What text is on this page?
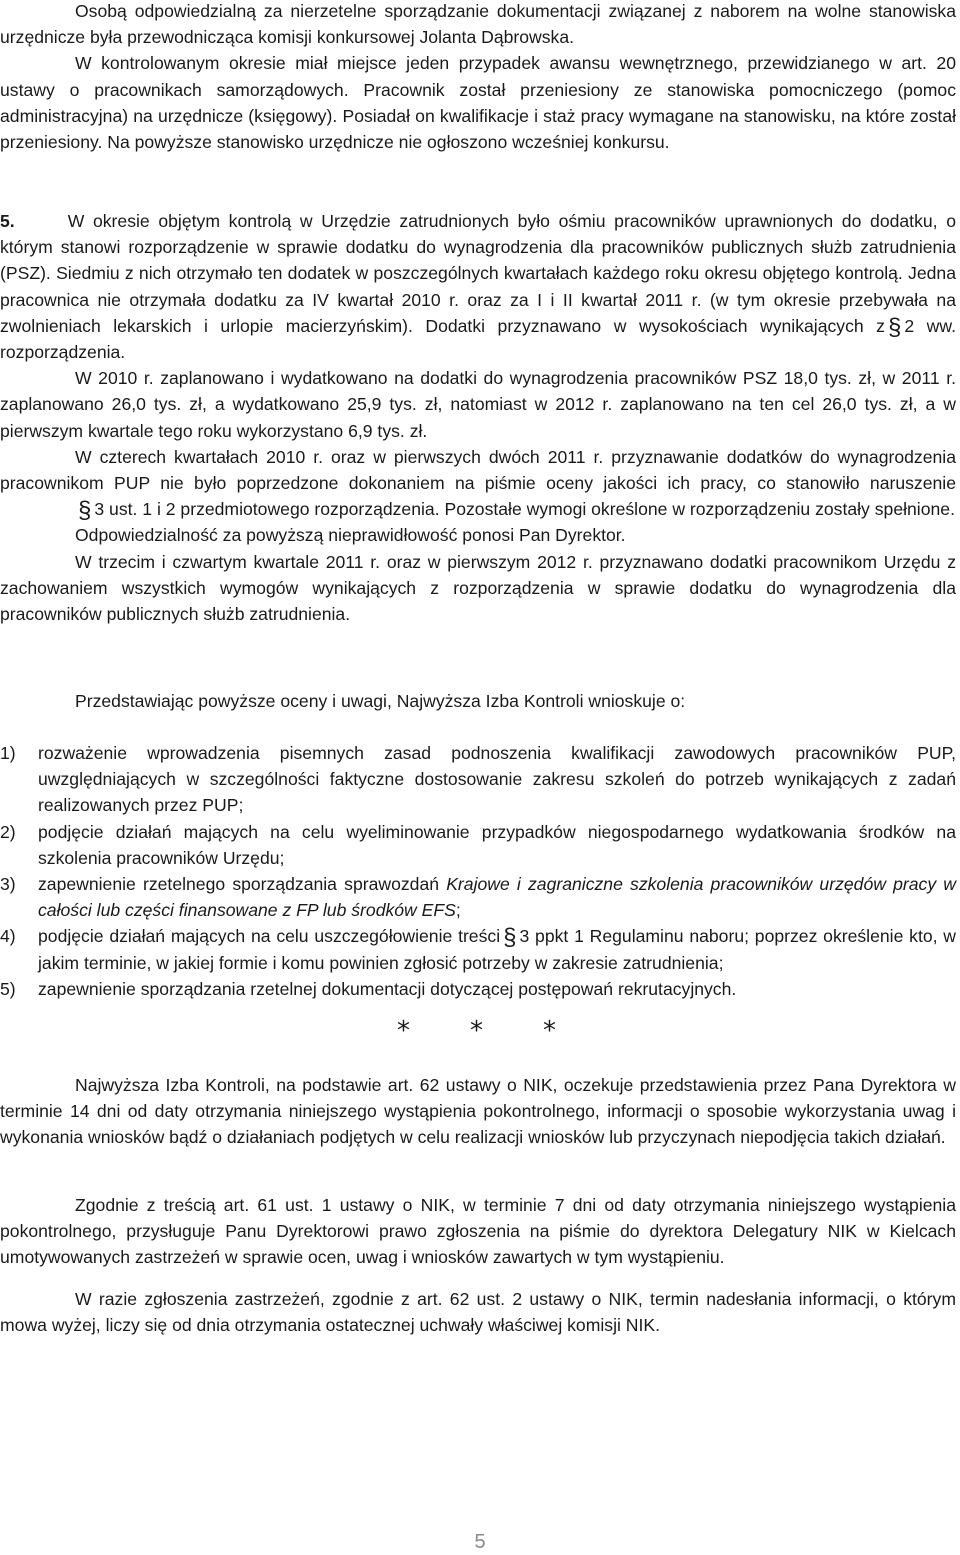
Osobą odpowiedzialną za nierzetelne sporządzanie dokumentacji związanej z naborem na wolne stanowiska urzędnicze była przewodnicząca komisji konkursowej Jolanta Dąbrowska.

W kontrolowanym okresie miał miejsce jeden przypadek awansu wewnętrznego, przewidzianego w art. 20 ustawy o pracownikach samorządowych. Pracownik został przeniesiony ze stanowiska pomocniczego (pomoc administracyjna) na urzędnicze (księgowy). Posiadał on kwalifikacje i staż pracy wymagane na stanowisku, na które został przeniesiony. Na powyższe stanowisko urzędnicze nie ogłoszono wcześniej konkursu.

5.	W okresie objętym kontrolą w Urzędzie zatrudnionych było ośmiu pracowników uprawnionych do dodatku, o którym stanowi rozporządzenie w sprawie dodatku do wynagrodzenia dla pracowników publicznych służb zatrudnienia (PSZ). Siedmiu z nich otrzymało ten dodatek w poszczególnych kwartałach każdego roku okresu objętego kontrolą. Jedna pracownica nie otrzymała dodatku za IV kwartał 2010 r. oraz za I i II kwartał 2011 r. (w tym okresie przebywała na zwolnieniach lekarskich i urlopie macierzyńskim). Dodatki przyznawano w wysokościach wynikających z § 2 ww. rozporządzenia.

W 2010 r. zaplanowano i wydatkowano na dodatki do wynagrodzenia pracowników PSZ 18,0 tys. zł, w 2011 r. zaplanowano 26,0 tys. zł, a wydatkowano 25,9 tys. zł, natomiast w 2012 r. zaplanowano na ten cel 26,0 tys. zł, a w pierwszym kwartale tego roku wykorzystano 6,9 tys. zł.

W czterech kwartałach 2010 r. oraz w pierwszych dwóch 2011 r. przyznawanie dodatków do wynagrodzenia pracownikom PUP nie było poprzedzone dokonaniem na piśmie oceny jakości ich pracy, co stanowiło naruszenie§ 3 ust. 1 i 2 przedmiotowego rozporządzenia. Pozostałe wymogi określone w rozporządzeniu zostały spełnione.

Odpowiedzialność za powyższą nieprawidłowość ponosi Pan Dyrektor.

W trzecim i czwartym kwartale 2011 r. oraz w pierwszym 2012 r. przyznawano dodatki pracownikom Urzędu z zachowaniem wszystkich wymogów wynikających z rozporządzenia w sprawie dodatku do wynagrodzenia dla pracowników publicznych służb zatrudnienia.

Przedstawiając powyższe oceny i uwagi, Najwyższa Izba Kontroli wnioskuje o:

1) rozważenie wprowadzenia pisemnych zasad podnoszenia kwalifikacji zawodowych pracowników PUP, uwzględniających w szczególności faktyczne dostosowanie zakresu szkoleń do potrzeb wynikających z zadań realizowanych przez PUP;

2) podjęcie działań mających na celu wyeliminowanie przypadków niegospodarnego wydatkowania środków na szkolenia pracowników Urzędu;

3) zapewnienie rzetelnego sporządzania sprawozdań Krajowe i zagraniczne szkolenia pracowników urzędów pracy w całości lub części finansowane z FP lub środków EFS;

4) podjęcie działań mających na celu uszczegółowienie treści § 3 ppkt 1 Regulaminu naboru; poprzez określenie kto, w jakim terminie, w jakiej formie i komu powinien zgłosić potrzeby w zakresie zatrudnienia;

5) zapewnienie sporządzania rzetelnej dokumentacji dotyczącej postępowań rekrutacyjnych.

* * *

Najwyższa Izba Kontroli, na podstawie art. 62 ustawy o NIK, oczekuje przedstawienia przez Pana Dyrektora w terminie 14 dni od daty otrzymania niniejszego wystąpienia pokontrolnego, informacji o sposobie wykorzystania uwag i wykonania wniosków bądź o działaniach podjętych w celu realizacji wniosków lub przyczynach niepodjęcia takich działań.

Zgodnie z treścią art. 61 ust. 1 ustawy o NIK, w terminie 7 dni od daty otrzymania niniejszego wystąpienia pokontrolnego, przysługuje Panu Dyrektorowi prawo zgłoszenia na piśmie do dyrektora Delegatury NIK w Kielcach umotywowanych zastrzeżeń w sprawie ocen, uwag i wniosków zawartych w tym wystąpieniu.

W razie zgłoszenia zastrzeżeń, zgodnie z art. 62 ust. 2 ustawy o NIK, termin nadesłania informacji, o którym mowa wyżej, liczy się od dnia otrzymania ostatecznej uchwały właściwej komisji NIK.

5
